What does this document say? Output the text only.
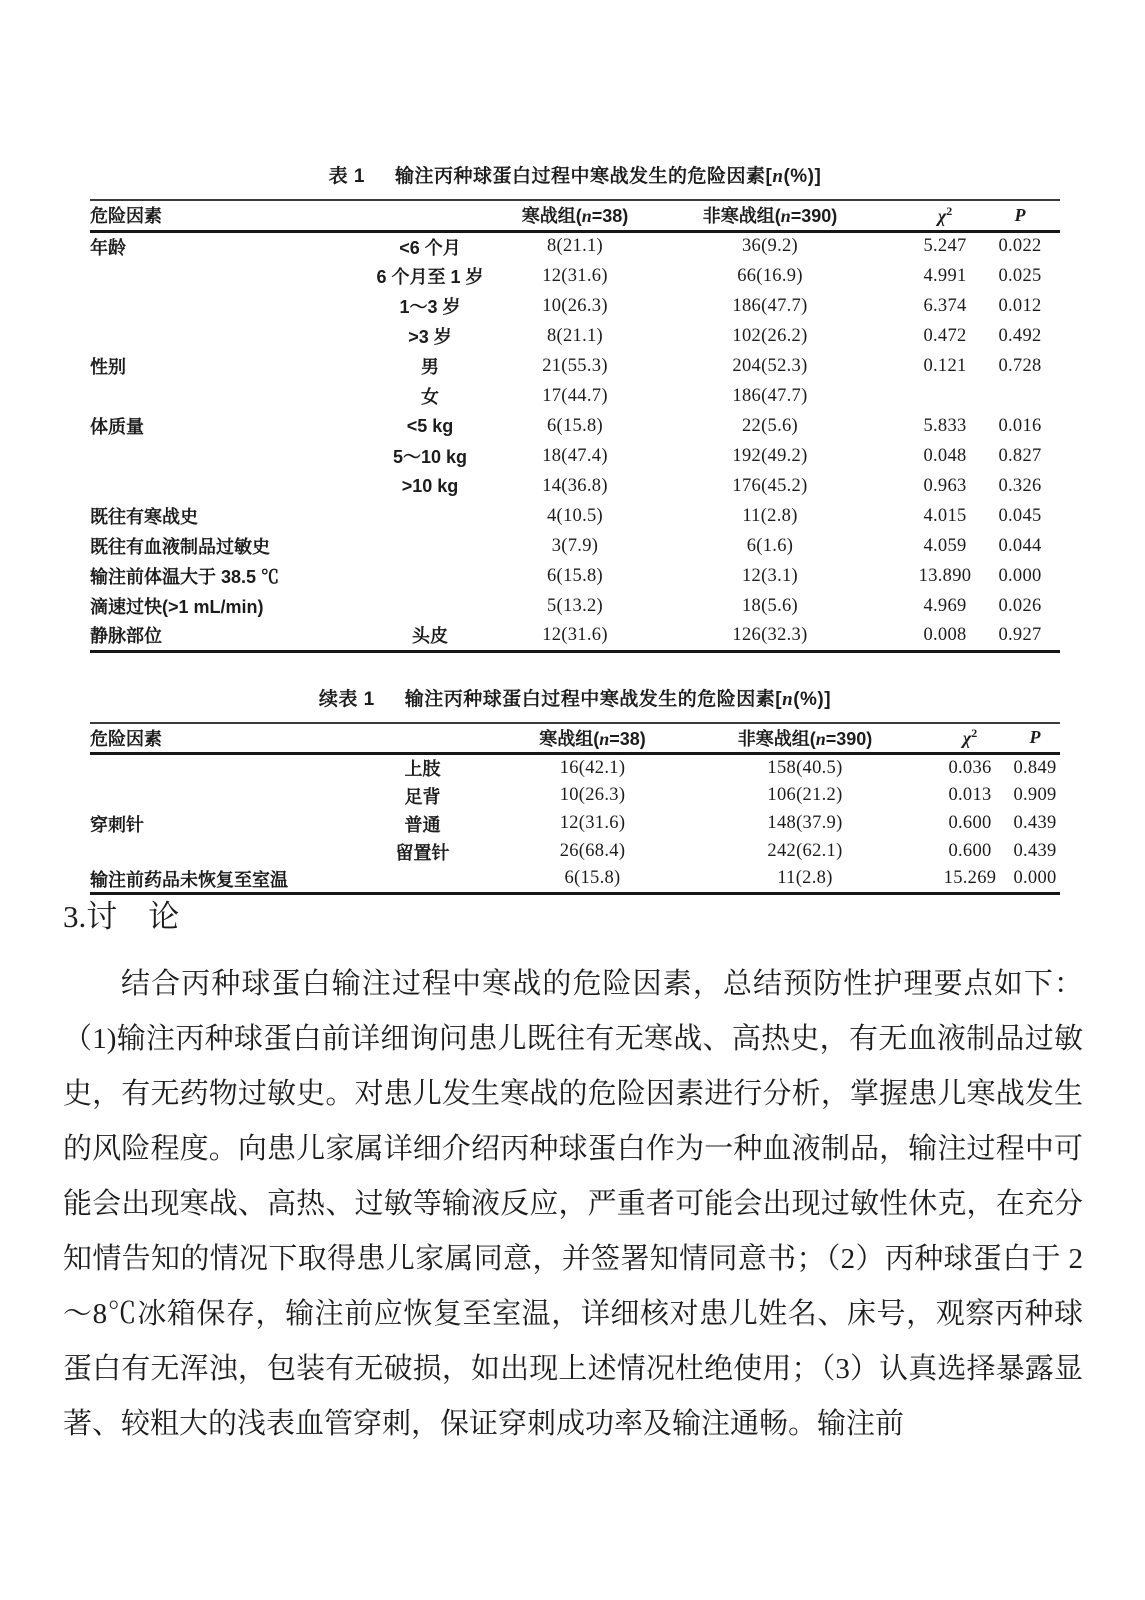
表 1 输注丙种球蛋白过程中寒战发生的危险因素[n(%)]
危险因素		寒战组(n=38)	非寒战组(n=390)	$\chi^2$	P
年龄	<6 个月	8(21.1)	36(9.2)	5.247	0.022
	6 个月至 1 岁	12(31.6)	66(16.9)	4.991	0.025
	1～3 岁	10(26.3)	186(47.7)	6.374	0.012
	>3 岁	8(21.1)	102(26.2)	0.472	0.492
性别	男	21(55.3)	204(52.3)	0.121	0.728
	女	17(44.7)	186(47.7)		
体质量	<5 kg	6(15.8)	22(5.6)	5.833	0.016
	5～10 kg	18(47.4)	192(49.2)	0.048	0.827
	>10 kg	14(36.8)	176(45.2)	0.963	0.326
既往有寒战史		4(10.5)	11(2.8)	4.015	0.045
既往有血液制品过敏史		3(7.9)	6(1.6)	4.059	0.044
输注前体温大于 38.5 ℃		6(15.8)	12(3.1)	13.890	0.000
滴速过快(>1 mL/min)		5(13.2)	18(5.6)	4.969	0.026
静脉部位	头皮	12(31.6)	126(32.3)	0.008	0.927
续表 1 输注丙种球蛋白过程中寒战发生的危险因素[n(%)]
危险因素		寒战组(n=38)	非寒战组(n=390)	$\chi^2$	P
	上肢	16(42.1)	158(40.5)	0.036	0.849
	足背	10(26.3)	106(21.2)	0.013	0.909
穿刺针	普通	12(31.6)	148(37.9)	0.600	0.439
	留置针	26(68.4)	242(62.1)	0.600	0.439
输注前药品未恢复至室温		6(15.8)	11(2.8)	15.269	0.000
3.讨　论

结合丙种球蛋白输注过程中寒战的危险因素，总结预防性护理要点如下：（1)输注丙种球蛋白前详细询问患儿既往有无寒战、高热史，有无血液制品过敏史，有无药物过敏史。对患儿发生寒战的危险因素进行分析，掌握患儿寒战发生的风险程度。向患儿家属详细介绍丙种球蛋白作为一种血液制品，输注过程中可能会出现寒战、高热、过敏等输液反应，严重者可能会出现过敏性休克，在充分知情告知的情况下取得患儿家属同意，并签署知情同意书；（2）丙种球蛋白于 2～8℃冰箱保存，输注前应恢复至室温，详细核对患儿姓名、床号，观察丙种球蛋白有无浑浊，包装有无破损，如出现上述情况杜绝使用；（3）认真选择暴露显著、较粗大的浅表血管穿刺，保证穿刺成功率及输注通畅。输注前
